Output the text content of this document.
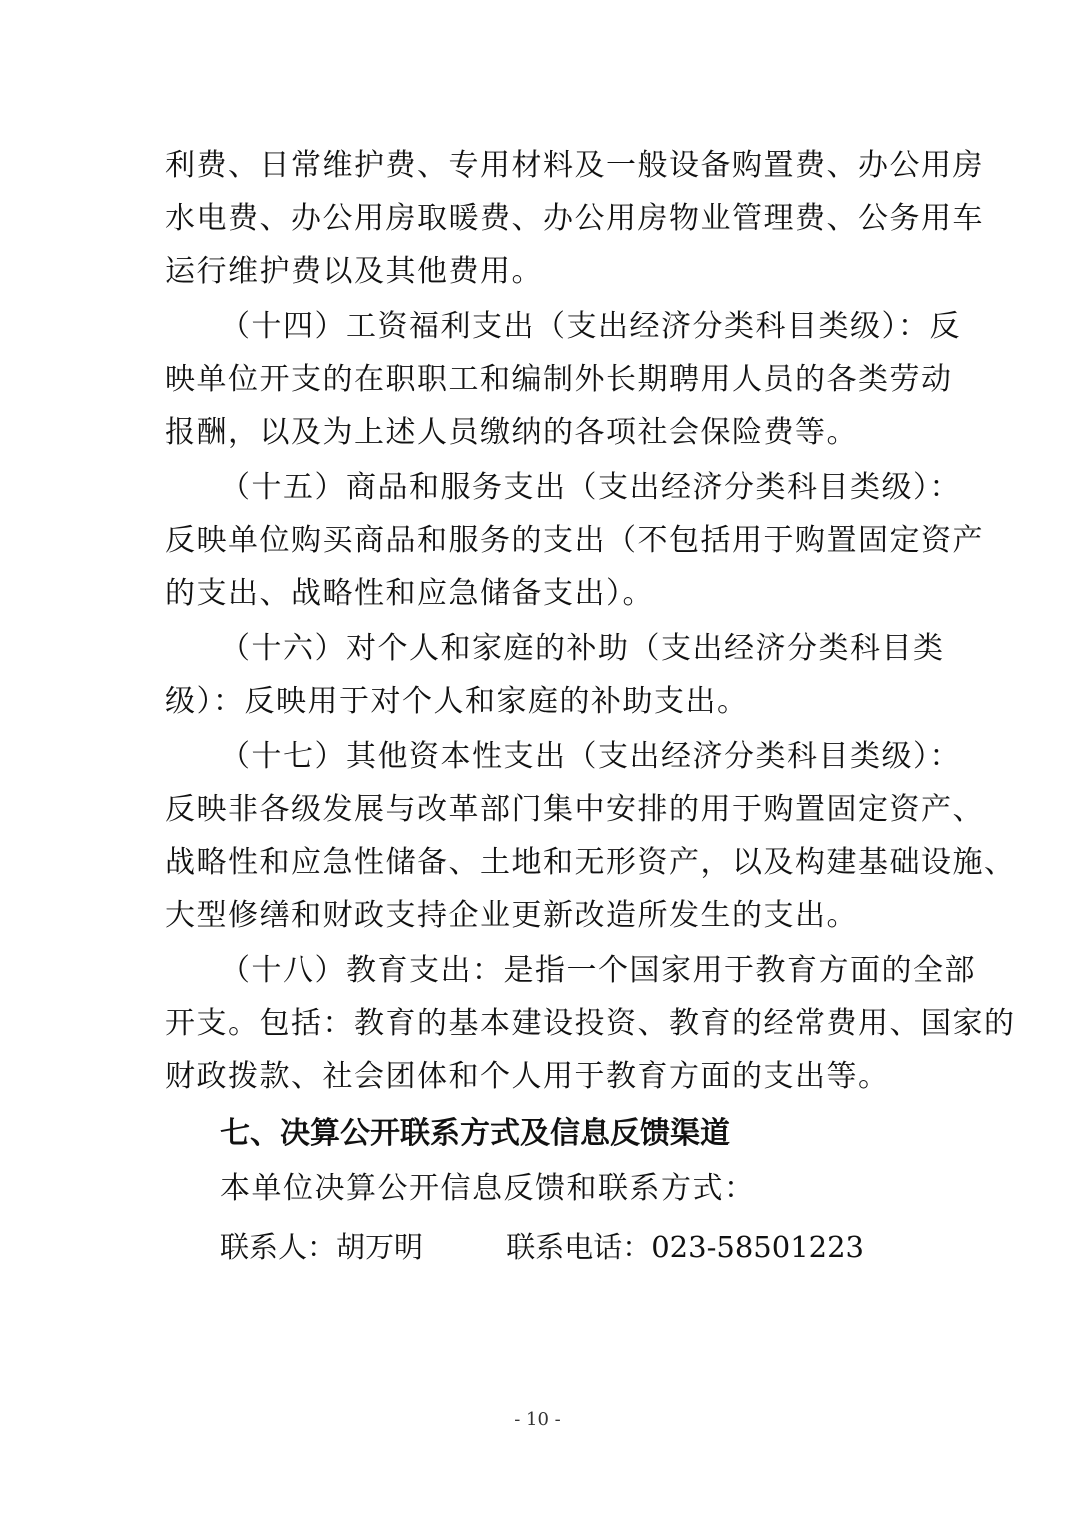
利费、日常维护费、专用材料及一般设备购置费、办公用房
水电费、办公用房取暖费、办公用房物业管理费、公务用车
运行维护费以及其他费用。
（十四）工资福利支出（支出经济分类科目类级）：反
映单位开支的在职职工和编制外长期聘用人员的各类劳动
报酬，以及为上述人员缴纳的各项社会保险费等。
（十五）商品和服务支出（支出经济分类科目类级）：
反映单位购买商品和服务的支出（不包括用于购置固定资产
的支出、战略性和应急储备支出）。
（十六）对个人和家庭的补助（支出经济分类科目类
级）：反映用于对个人和家庭的补助支出。
（十七）其他资本性支出（支出经济分类科目类级）：
反映非各级发展与改革部门集中安排的用于购置固定资产、
战略性和应急性储备、土地和无形资产，以及构建基础设施、
大型修缮和财政支持企业更新改造所发生的支出。
（十八）教育支出：是指一个国家用于教育方面的全部
开支。包括：教育的基本建设投资、教育的经常费用、国家的
财政拨款、社会团体和个人用于教育方面的支出等。
七、决算公开联系方式及信息反馈渠道
本单位决算公开信息反馈和联系方式：
联系人：胡万明	联系电话：023-58501223
- 10 -
